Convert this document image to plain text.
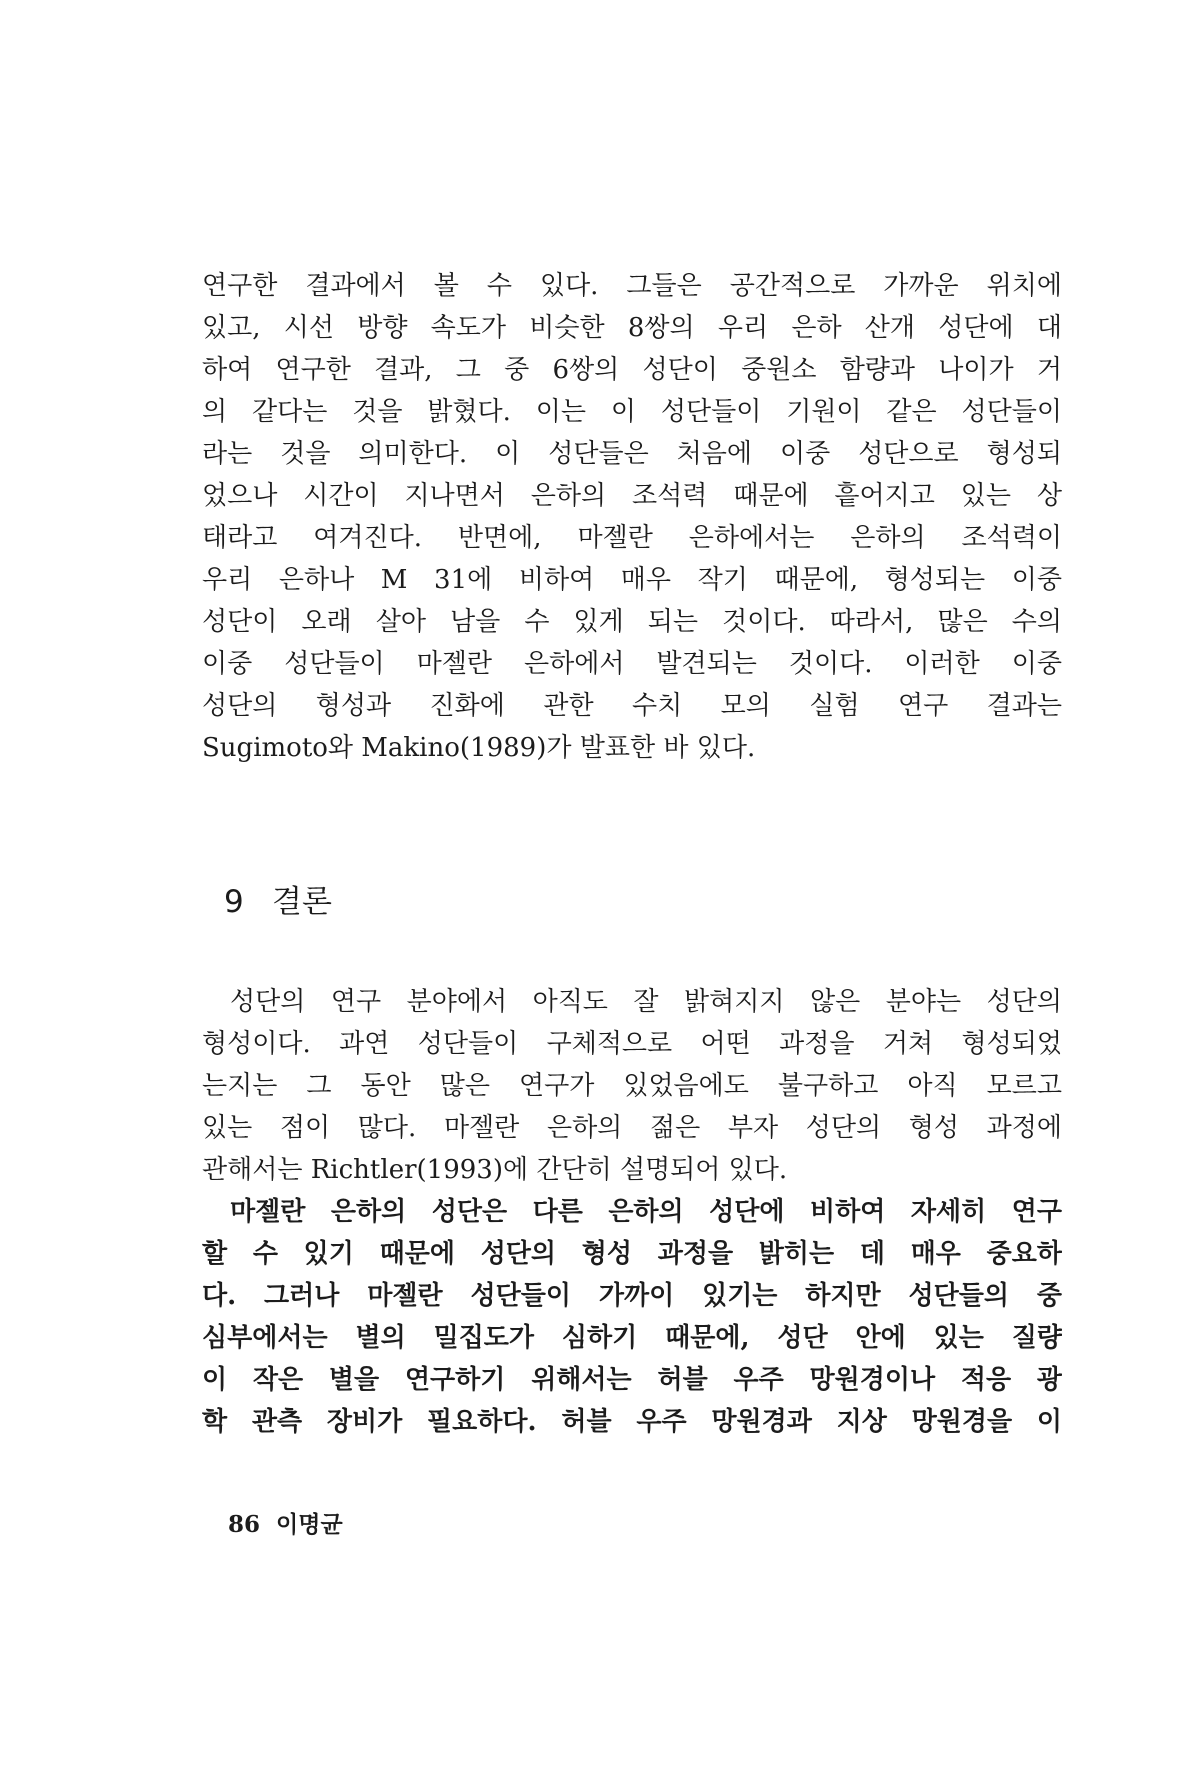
연구한 결과에서 볼 수 있다. 그들은 공간적으로 가까운 위치에
있고, 시선 방향 속도가 비슷한 8쌍의 우리 은하 산개 성단에 대
하여 연구한 결과, 그 중 6쌍의 성단이 중원소 함량과 나이가 거
의 같다는 것을 밝혔다. 이는 이 성단들이 기원이 같은 성단들이
라는 것을 의미한다. 이 성단들은 처음에 이중 성단으로 형성되
었으나 시간이 지나면서 은하의 조석력 때문에 흩어지고 있는 상
태라고 여겨진다. 반면에, 마젤란 은하에서는 은하의 조석력이
우리 은하나 M 31에 비하여 매우 작기 때문에, 형성되는 이중
성단이 오래 살아 남을 수 있게 되는 것이다. 따라서, 많은 수의
이중 성단들이 마젤란 은하에서 발견되는 것이다. 이러한 이중
성단의 형성과 진화에 관한 수치 모의 실험 연구 결과는
Sugimoto와 Makino(1989)가 발표한 바 있다.
9 결론
성단의 연구 분야에서 아직도 잘 밝혀지지 않은 분야는 성단의
형성이다. 과연 성단들이 구체적으로 어떤 과정을 거쳐 형성되었
는지는 그 동안 많은 연구가 있었음에도 불구하고 아직 모르고
있는 점이 많다. 마젤란 은하의 젊은 부자 성단의 형성 과정에
관해서는 Richtler(1993)에 간단히 설명되어 있다.
마젤란 은하의 성단은 다른 은하의 성단에 비하여 자세히 연구
할 수 있기 때문에 성단의 형성 과정을 밝히는 데 매우 중요하
다. 그러나 마젤란 성단들이 가까이 있기는 하지만 성단들의 중
심부에서는 별의 밀집도가 심하기 때문에, 성단 안에 있는 질량
이 작은 별을 연구하기 위해서는 허블 우주 망원경이나 적응 광
학 관측 장비가 필요하다. 허블 우주 망원경과 지상 망원경을 이
86 이명균
